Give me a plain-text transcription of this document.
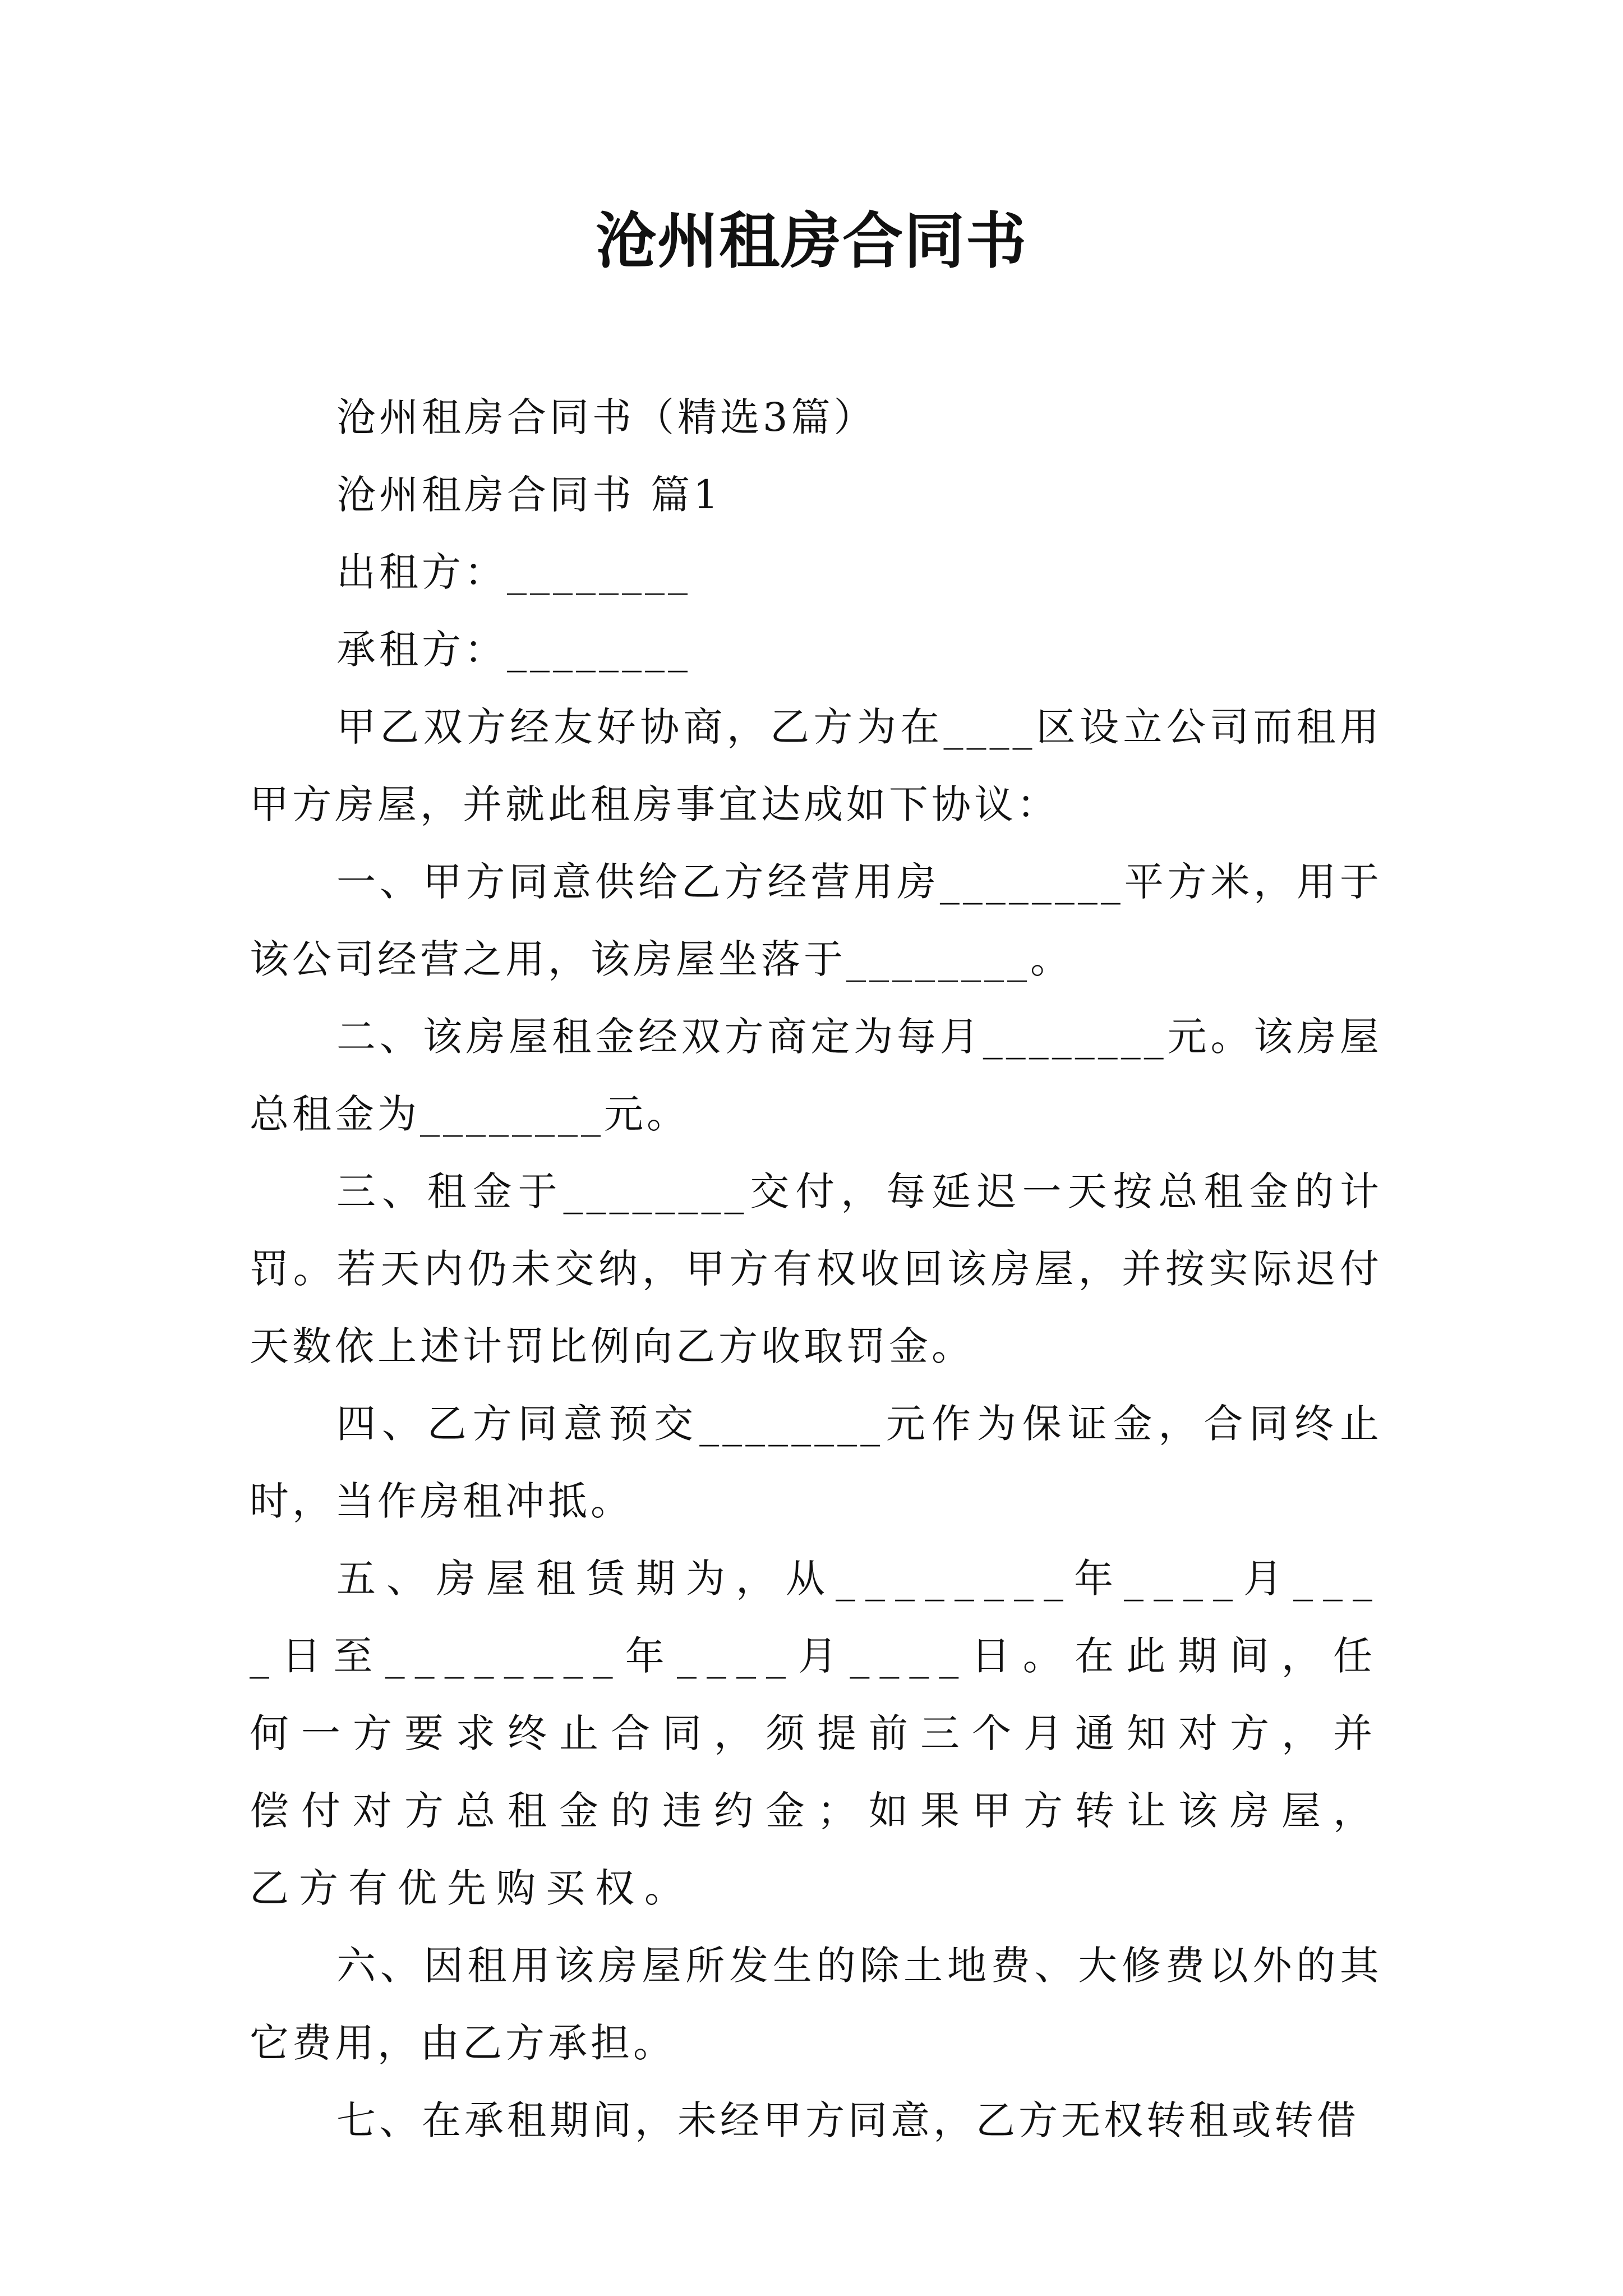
沧州租房合同书

沧州租房合同书（精选3篇）

沧州租房合同书 篇1

出租方：________

承租方：________

甲乙双方经友好协商，乙方为在____区设立公司而租用甲方房屋，并就此租房事宜达成如下协议：

一、甲方同意供给乙方经营用房________平方米，用于该公司经营之用，该房屋坐落于________。

二、该房屋租金经双方商定为每月________元。该房屋总租金为________元。

三、租金于________交付，每延迟一天按总租金的计罚。若天内仍未交纳，甲方有权收回该房屋，并按实际迟付天数依上述计罚比例向乙方收取罚金。

四、乙方同意预交________元作为保证金，合同终止时，当作房租冲抵。

五、房屋租赁期为，从________年____月____日至________年____月____日。在此期间，任何一方要求终止合同，须提前三个月通知对方，并偿付对方总租金的违约金；如果甲方转让该房屋，乙方有优先购买权。

六、因租用该房屋所发生的除土地费、大修费以外的其它费用，由乙方承担。

七、在承租期间，未经甲方同意，乙方无权转租或转借
